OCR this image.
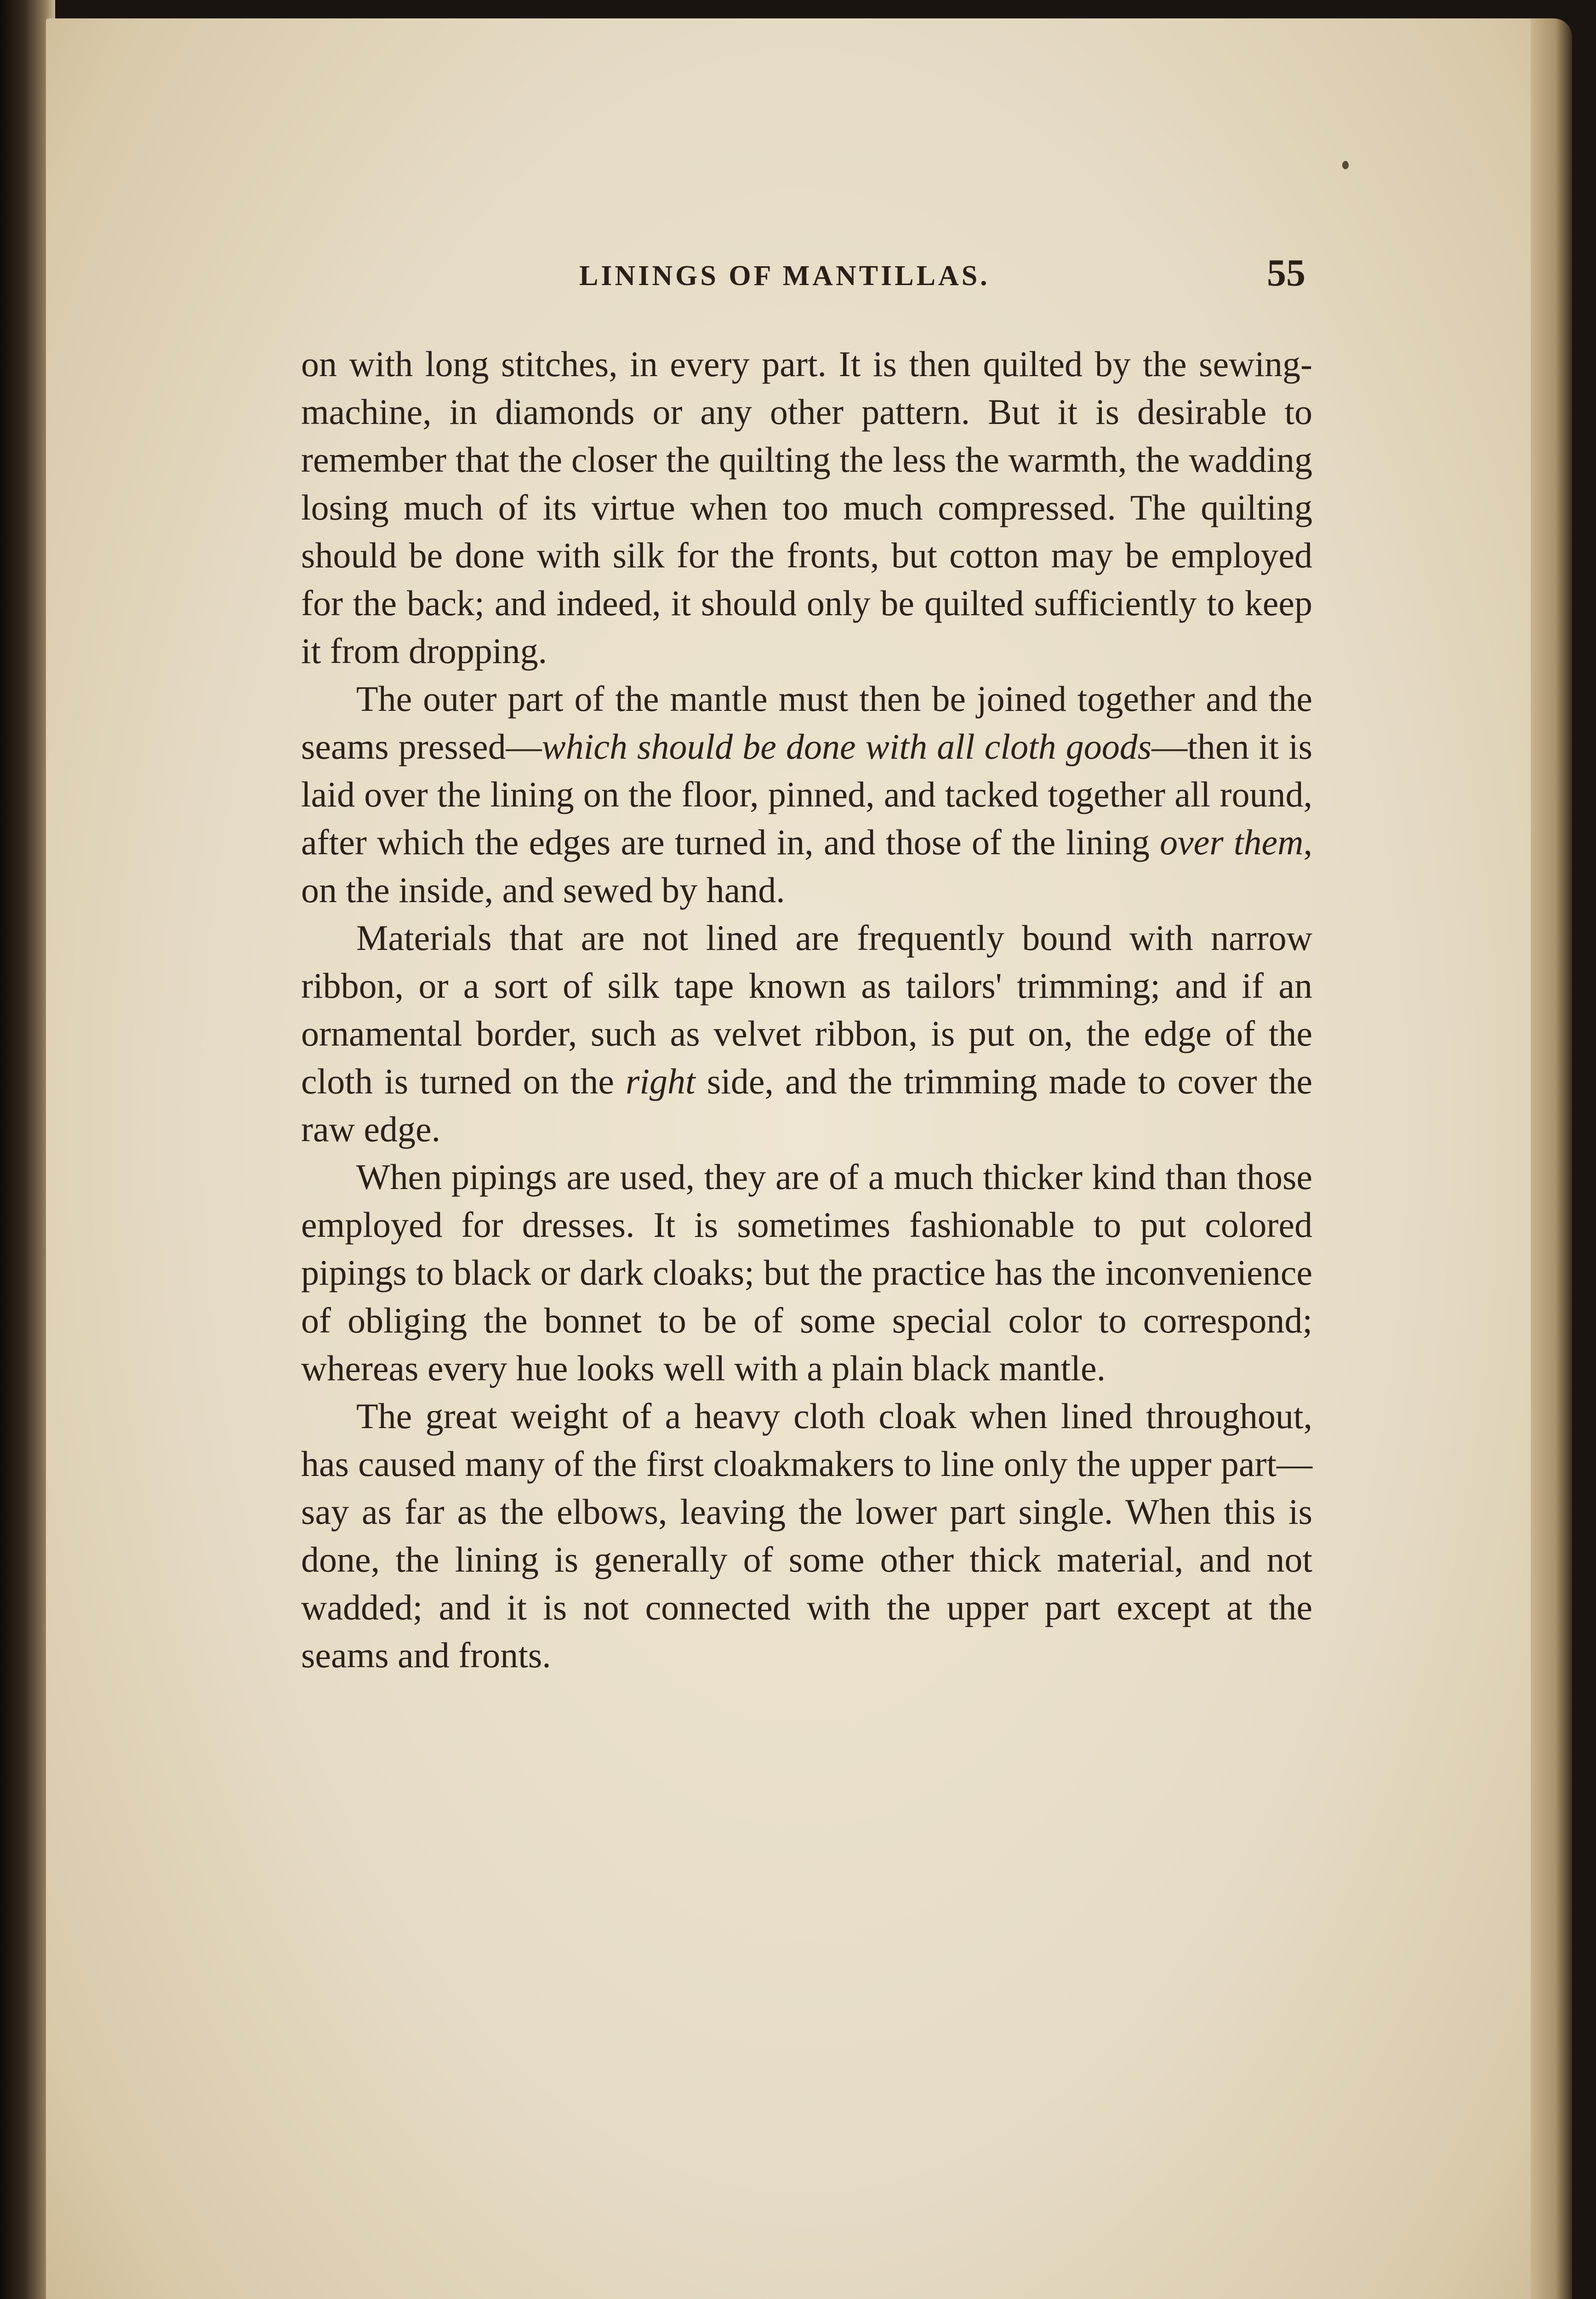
LININGS OF MANTILLAS.	55

on with long stitches, in every part. It is then quilted by the sewing-machine, in diamonds or any other pattern. But it is desirable to remember that the closer the quilting the less the warmth, the wadding losing much of its virtue when too much compressed. The quilting should be done with silk for the fronts, but cotton may be employed for the back; and indeed, it should only be quilted sufficiently to keep it from dropping.

The outer part of the mantle must then be joined together and the seams pressed—which should be done with all cloth goods—then it is laid over the lining on the floor, pinned, and tacked together all round, after which the edges are turned in, and those of the lining over them, on the inside, and sewed by hand.

Materials that are not lined are frequently bound with narrow ribbon, or a sort of silk tape known as tailors' trimming; and if an ornamental border, such as velvet ribbon, is put on, the edge of the cloth is turned on the right side, and the trimming made to cover the raw edge.

When pipings are used, they are of a much thicker kind than those employed for dresses. It is sometimes fashionable to put colored pipings to black or dark cloaks; but the practice has the inconvenience of obliging the bonnet to be of some special color to correspond; whereas every hue looks well with a plain black mantle.

The great weight of a heavy cloth cloak when lined throughout, has caused many of the first cloakmakers to line only the upper part—say as far as the elbows, leaving the lower part single. When this is done, the lining is generally of some other thick material, and not wadded; and it is not connected with the upper part except at the seams and fronts.
